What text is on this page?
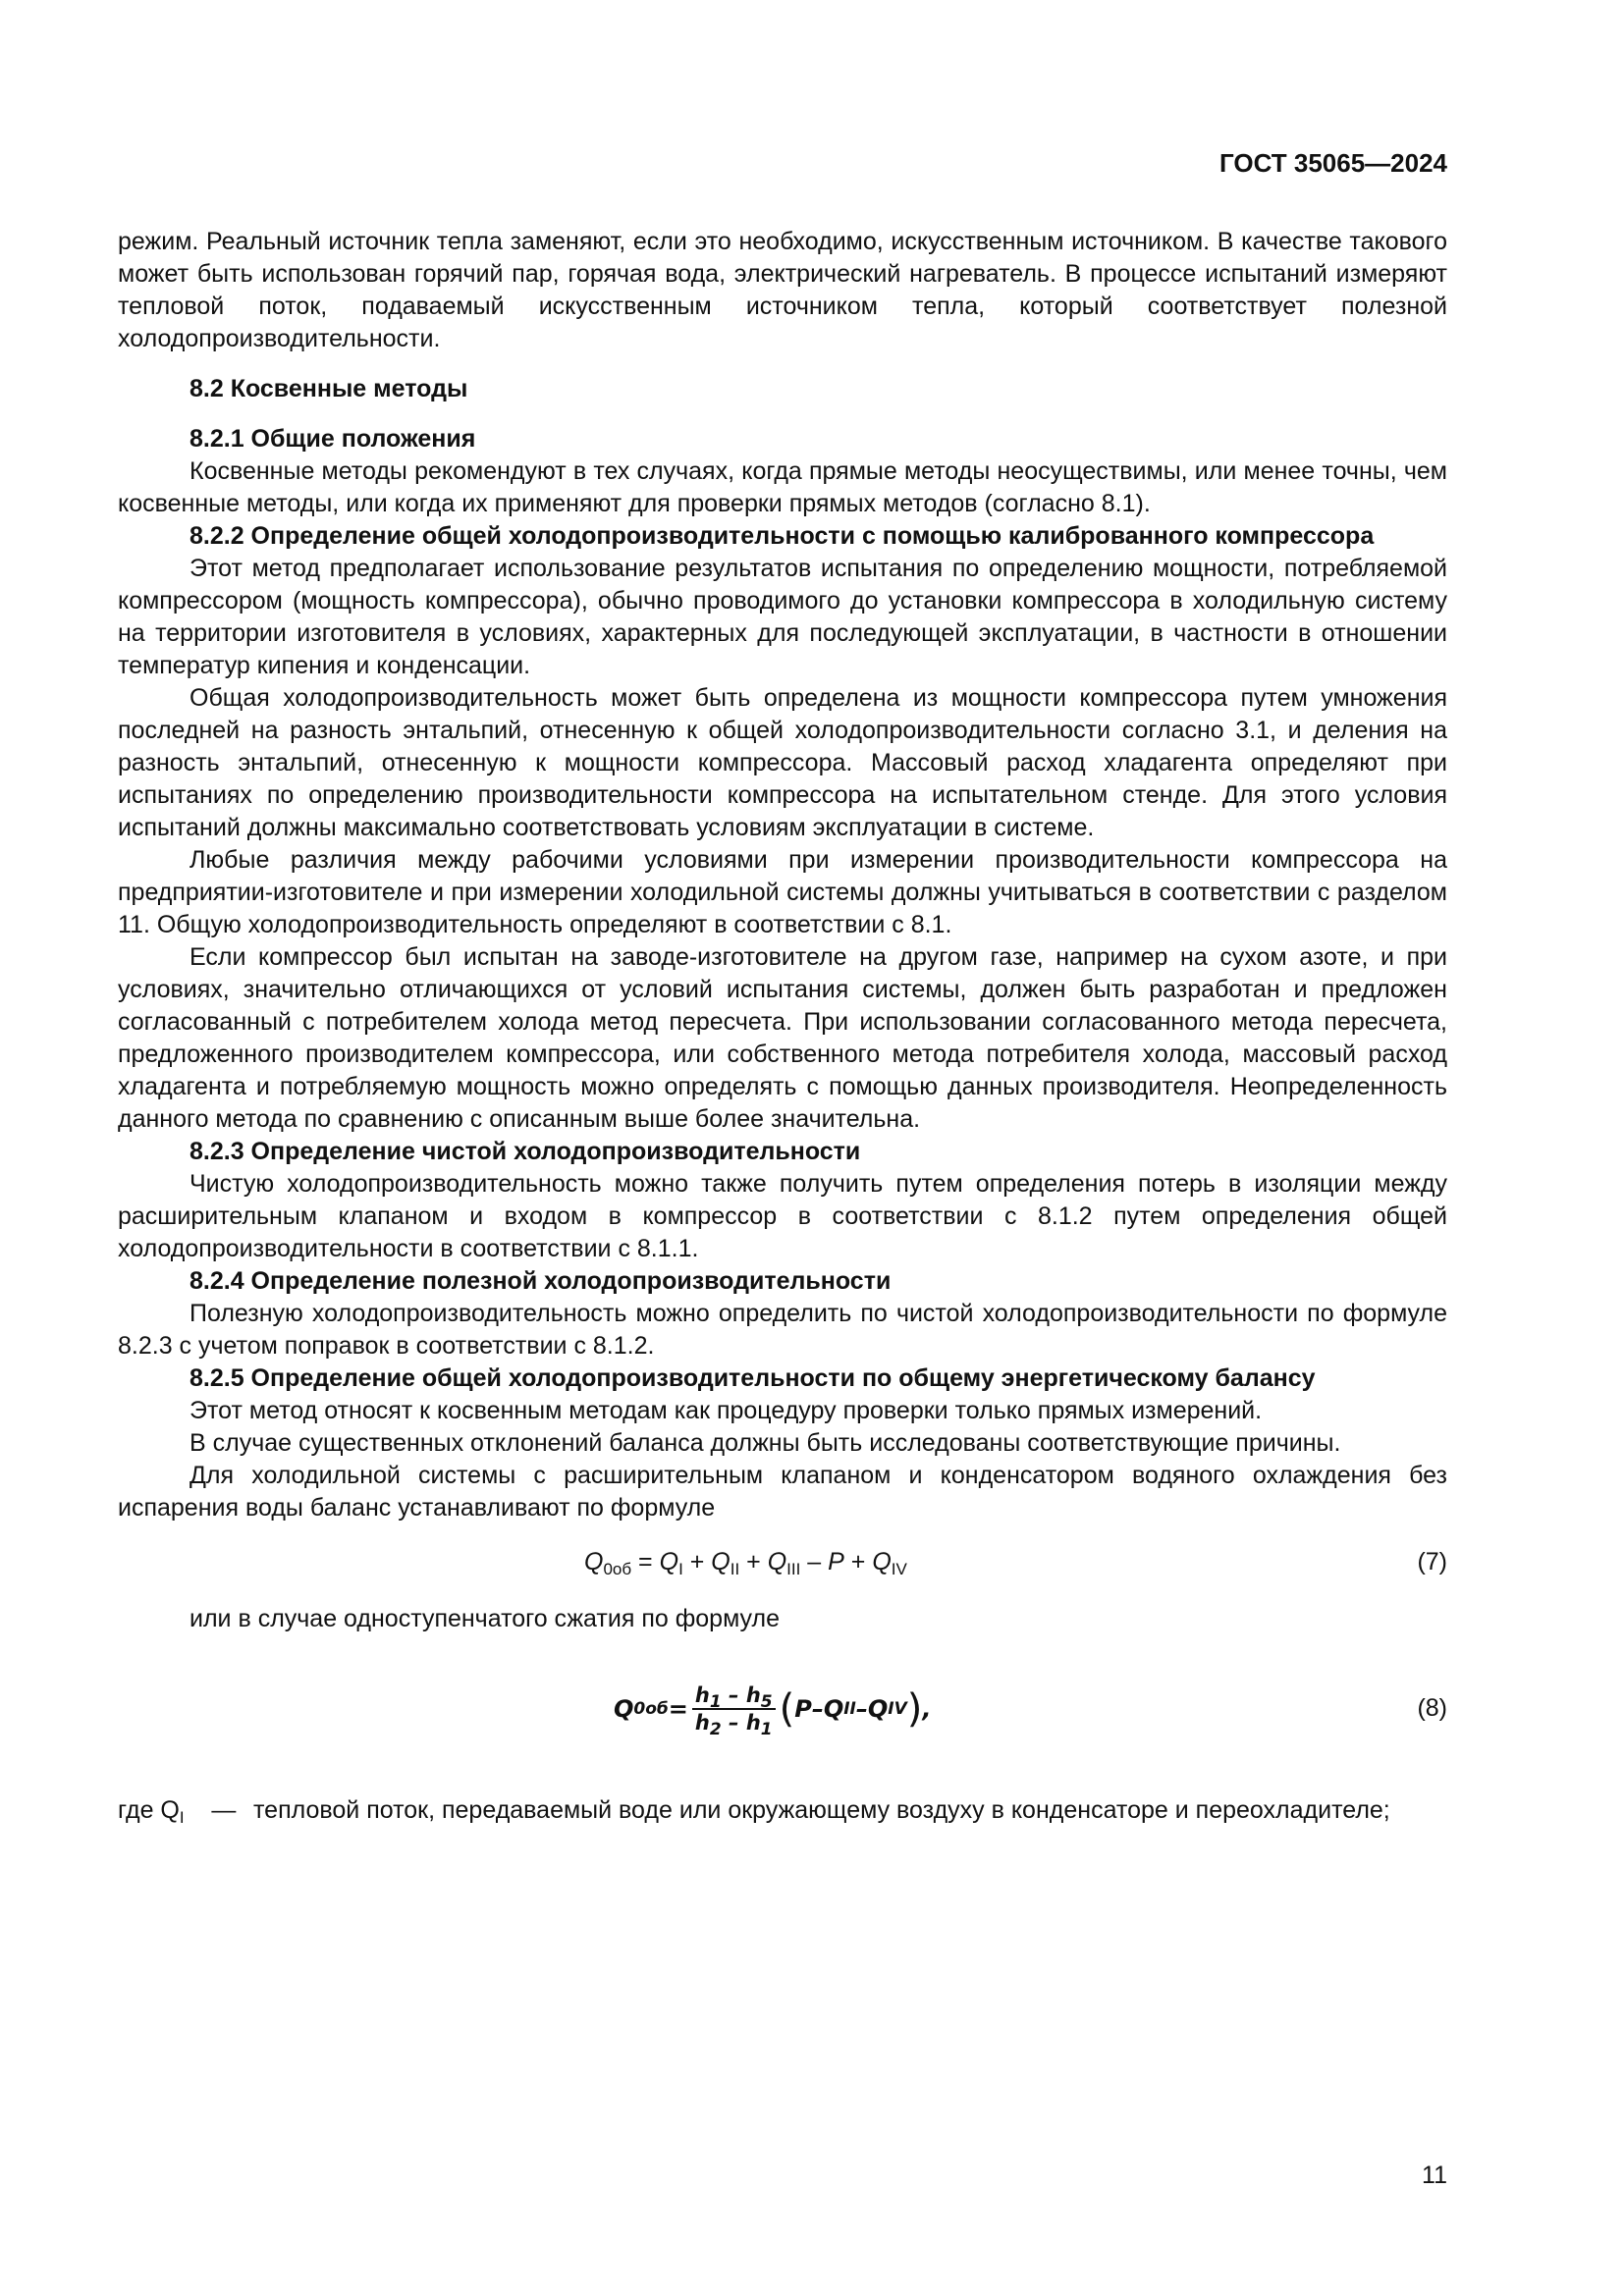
ГОСТ 35065—2024

режим. Реальный источник тепла заменяют, если это необходимо, искусственным источником. В качестве такового может быть использован горячий пар, горячая вода, электрический нагреватель. В процессе испытаний измеряют тепловой поток, подаваемый искусственным источником тепла, который соответствует полезной холодопроизводительности.

8.2 Косвенные методы

8.2.1 Общие положения

Косвенные методы рекомендуют в тех случаях, когда прямые методы неосуществимы, или менее точны, чем косвенные методы, или когда их применяют для проверки прямых методов (согласно 8.1).

8.2.2 Определение общей холодопроизводительности с помощью калиброванного компрессора

Этот метод предполагает использование результатов испытания по определению мощности, потребляемой компрессором (мощность компрессора), обычно проводимого до установки компрессора в холодильную систему на территории изготовителя в условиях, характерных для последующей эксплуатации, в частности в отношении температур кипения и конденсации.

Общая холодопроизводительность может быть определена из мощности компрессора путем умножения последней на разность энтальпий, отнесенную к общей холодопроизводительности согласно 3.1, и деления на разность энтальпий, отнесенную к мощности компрессора. Массовый расход хладагента определяют при испытаниях по определению производительности компрессора на испытательном стенде. Для этого условия испытаний должны максимально соответствовать условиям эксплуатации в системе.

Любые различия между рабочими условиями при измерении производительности компрессора на предприятии-изготовителе и при измерении холодильной системы должны учитываться в соответствии с разделом 11. Общую холодопроизводительность определяют в соответствии с 8.1.

Если компрессор был испытан на заводе-изготовителе на другом газе, например на сухом азоте, и при условиях, значительно отличающихся от условий испытания системы, должен быть разработан и предложен согласованный с потребителем холода метод пересчета. При использовании согласованного метода пересчета, предложенного производителем компрессора, или собственного метода потребителя холода, массовый расход хладагента и потребляемую мощность можно определять с помощью данных производителя. Неопределенность данного метода по сравнению с описанным выше более значительна.

8.2.3 Определение чистой холодопроизводительности

Чистую холодопроизводительность можно также получить путем определения потерь в изоляции между расширительным клапаном и входом в компрессор в соответствии с 8.1.2 путем определения общей холодопроизводительности в соответствии с 8.1.1.

8.2.4 Определение полезной холодопроизводительности

Полезную холодопроизводительность можно определить по чистой холодопроизводительности по формуле 8.2.3 с учетом поправок в соответствии с 8.1.2.

8.2.5 Определение общей холодопроизводительности по общему энергетическому балансу

Этот метод относят к косвенным методам как процедуру проверки только прямых измерений.

В случае существенных отклонений баланса должны быть исследованы соответствующие причины.

Для холодильной системы с расширительным клапаном и конденсатором водяного охлаждения без испарения воды баланс устанавливают по формуле

$Q_{0об} = Q_I + Q_{II} + Q_{III} - P + Q_{IV}$	(7)

или в случае одноступенчатого сжатия по формуле

Q $0об = \frac{h_1 - h_5}{h_2 - h_1}$ ( P – Q II – Q IV ) ,	(8)
где $Q_I$ — тепловой поток, передаваемый воде или окружающему воздуху в конденсаторе и переохладителе;

11
